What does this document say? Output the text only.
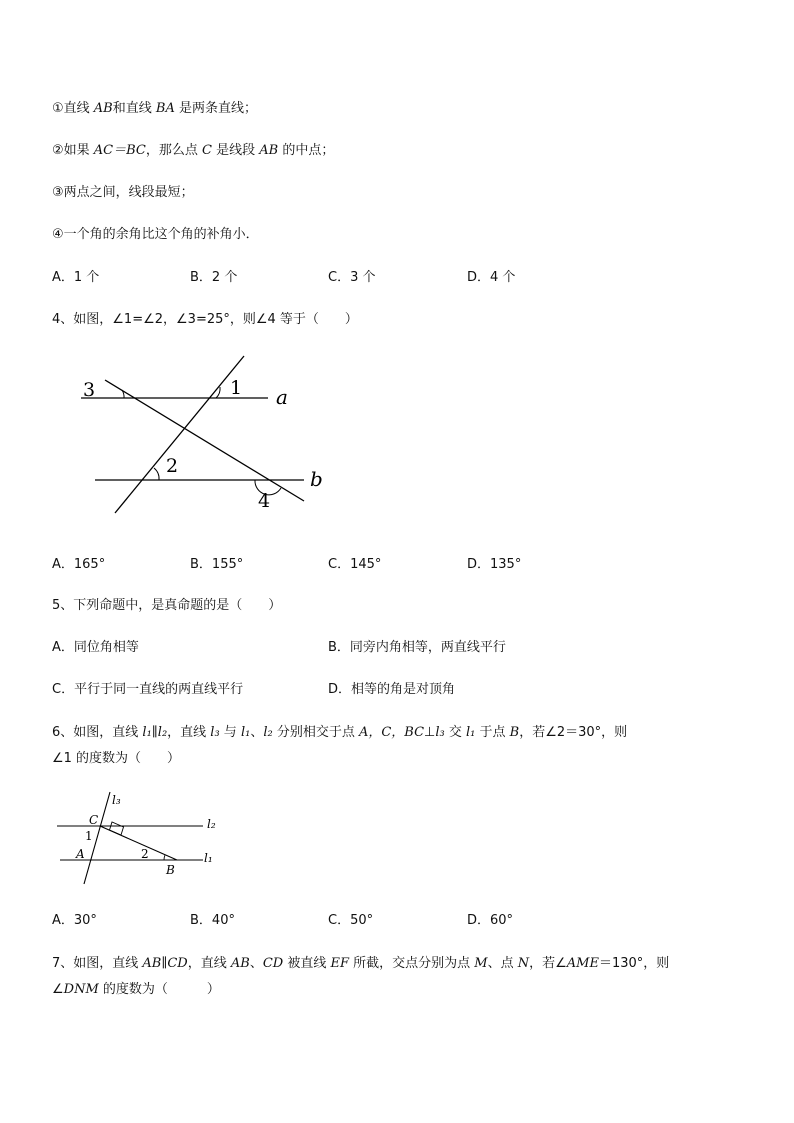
①直线 AB和直线 BA 是两条直线；
②如果 AC＝BC，那么点 C 是线段 AB 的中点；
③两点之间，线段最短；
④一个角的余角比这个角的补角小．
A．1 个	B．2 个	C．3 个	D．4 个
4、如图，∠1=∠2，∠3=25°，则∠4 等于（　　）
3	1 a
2
b
4
A．165°	B．155°	C．145°	D．135°
5、下列命题中，是真命题的是（　　）
A．同位角相等	B．同旁内角相等，两直线平行
C．平行于同一直线的两直线平行	D．相等的角是对顶角
6、如图，直线 l₁∥l₂，直线 l₃ 与 l₁、l₂ 分别相交于点 A，C，BC⊥l₃ 交 l₁ 于点 B，若∠2＝30°，则
∠1 的度数为（　　）
l₃
l₂
l₁
C
1
A	2
B
A．30°	B．40°	C．50°	D．60°
7、如图，直线 AB∥CD，直线 AB、CD 被直线 EF 所截，交点分别为点 M、点 N，若∠AME＝130°，则
∠DNM 的度数为（　　　）
